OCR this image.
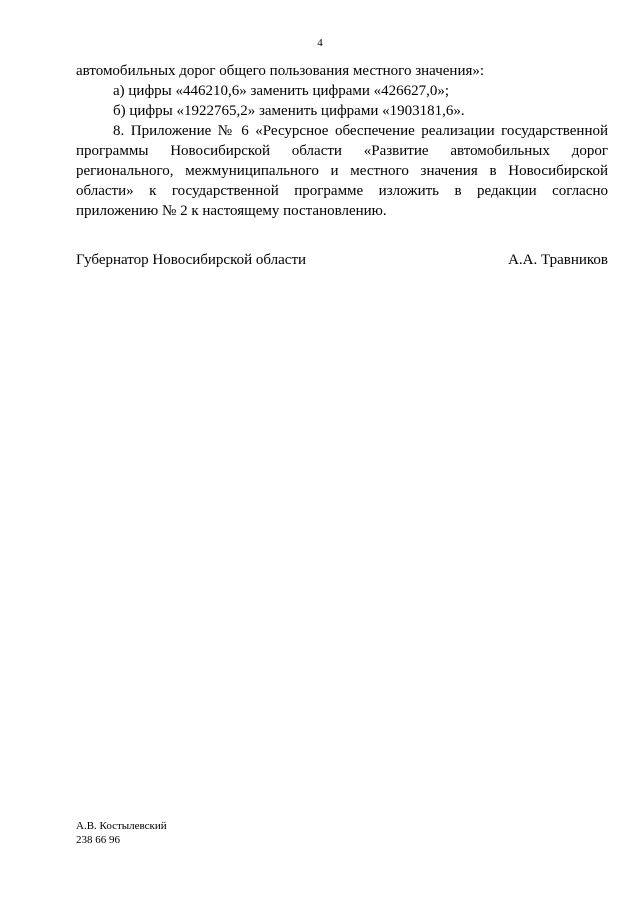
4

автомобильных дорог общего пользования местного значения»:

а) цифры «446210,6» заменить цифрами «426627,0»;

б) цифры «1922765,2» заменить цифрами «1903181,6».

8. Приложение № 6 «Ресурсное обеспечение реализации государственной программы Новосибирской области «Развитие автомобильных дорог регионального, межмуниципального и местного значения в Новосибирской области» к государственной программе изложить в редакции согласно приложению № 2 к настоящему постановлению.

Губернатор Новосибирской области	А.А. Травников
А.В. Костылевский
238 66 96
